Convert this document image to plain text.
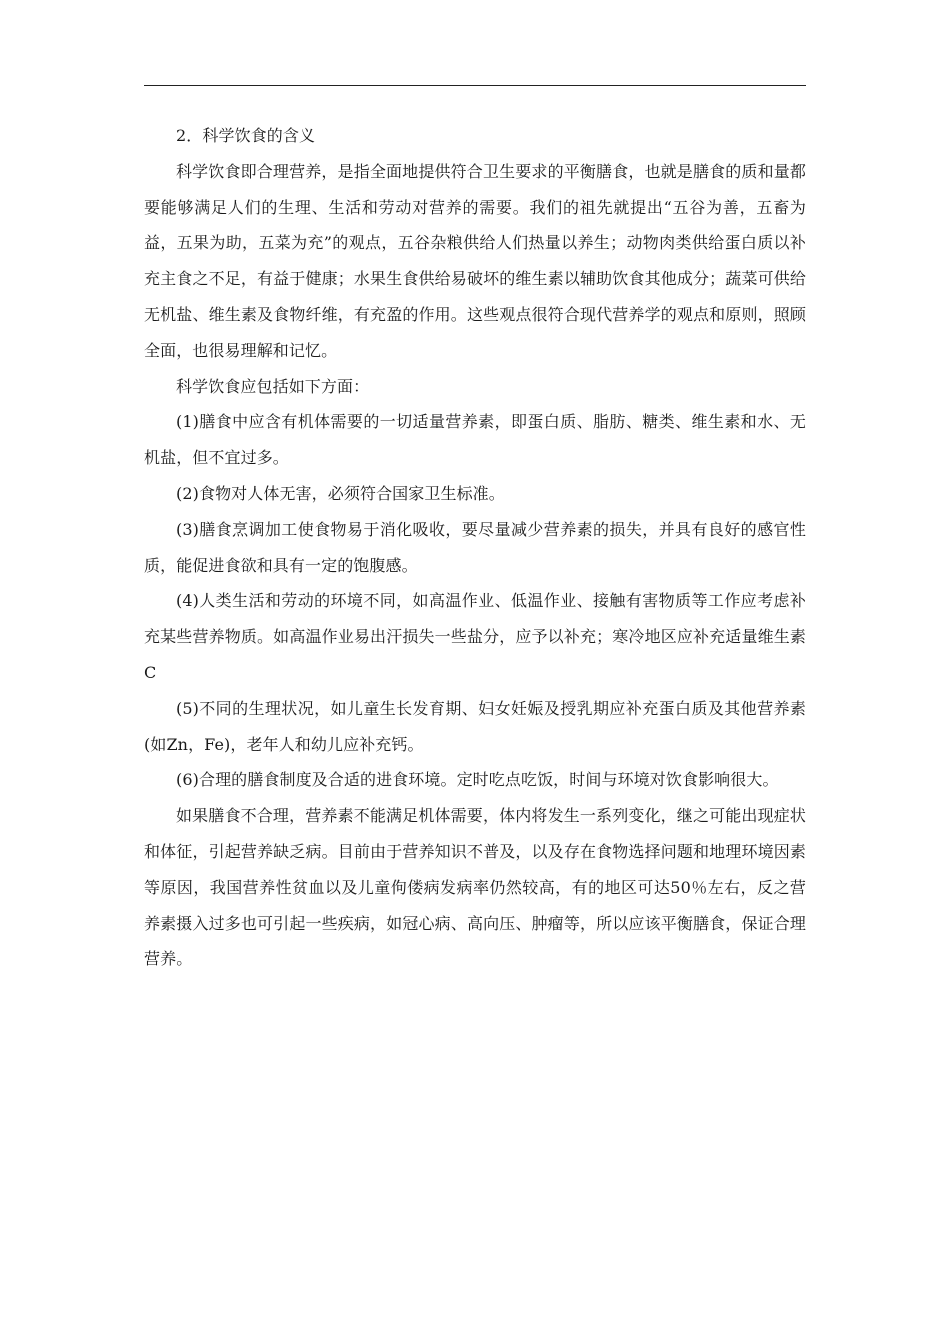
2．科学饮食的含义

科学饮食即合理营养，是指全面地提供符合卫生要求的平衡膳食，也就是膳食的质和量都要能够满足人们的生理、生活和劳动对营养的需要。我们的祖先就提出“五谷为善，五畜为益，五果为助，五菜为充”的观点，五谷杂粮供给人们热量以养生；动物肉类供给蛋白质以补充主食之不足，有益于健康；水果生食供给易破坏的维生素以辅助饮食其他成分；蔬菜可供给无机盐、维生素及食物纤维，有充盈的作用。这些观点很符合现代营养学的观点和原则，照顾全面，也很易理解和记忆。

科学饮食应包括如下方面：

(1)膳食中应含有机体需要的一切适量营养素，即蛋白质、脂肪、糖类、维生素和水、无机盐，但不宜过多。

(2)食物对人体无害，必须符合国家卫生标准。

(3)膳食烹调加工使食物易于消化吸收，要尽量减少营养素的损失，并具有良好的感官性质，能促进食欲和具有一定的饱腹感。

(4)人类生活和劳动的环境不同，如高温作业、低温作业、接触有害物质等工作应考虑补充某些营养物质。如高温作业易出汗损失一些盐分，应予以补充；寒冷地区应补充适量维生素C

(5)不同的生理状况，如儿童生长发育期、妇女妊娠及授乳期应补充蛋白质及其他营养素(如Zn，Fe)，老年人和幼儿应补充钙。

(6)合理的膳食制度及合适的进食环境。定时吃点吃饭，时间与环境对饮食影响很大。

如果膳食不合理，营养素不能满足机体需要，体内将发生一系列变化，继之可能出现症状和体征，引起营养缺乏病。目前由于营养知识不普及，以及存在食物选择问题和地理环境因素等原因，我国营养性贫血以及儿童佝偻病发病率仍然较高，有的地区可达50％左右，反之营养素摄入过多也可引起一些疾病，如冠心病、高向压、肿瘤等，所以应该平衡膳食，保证合理营养。
